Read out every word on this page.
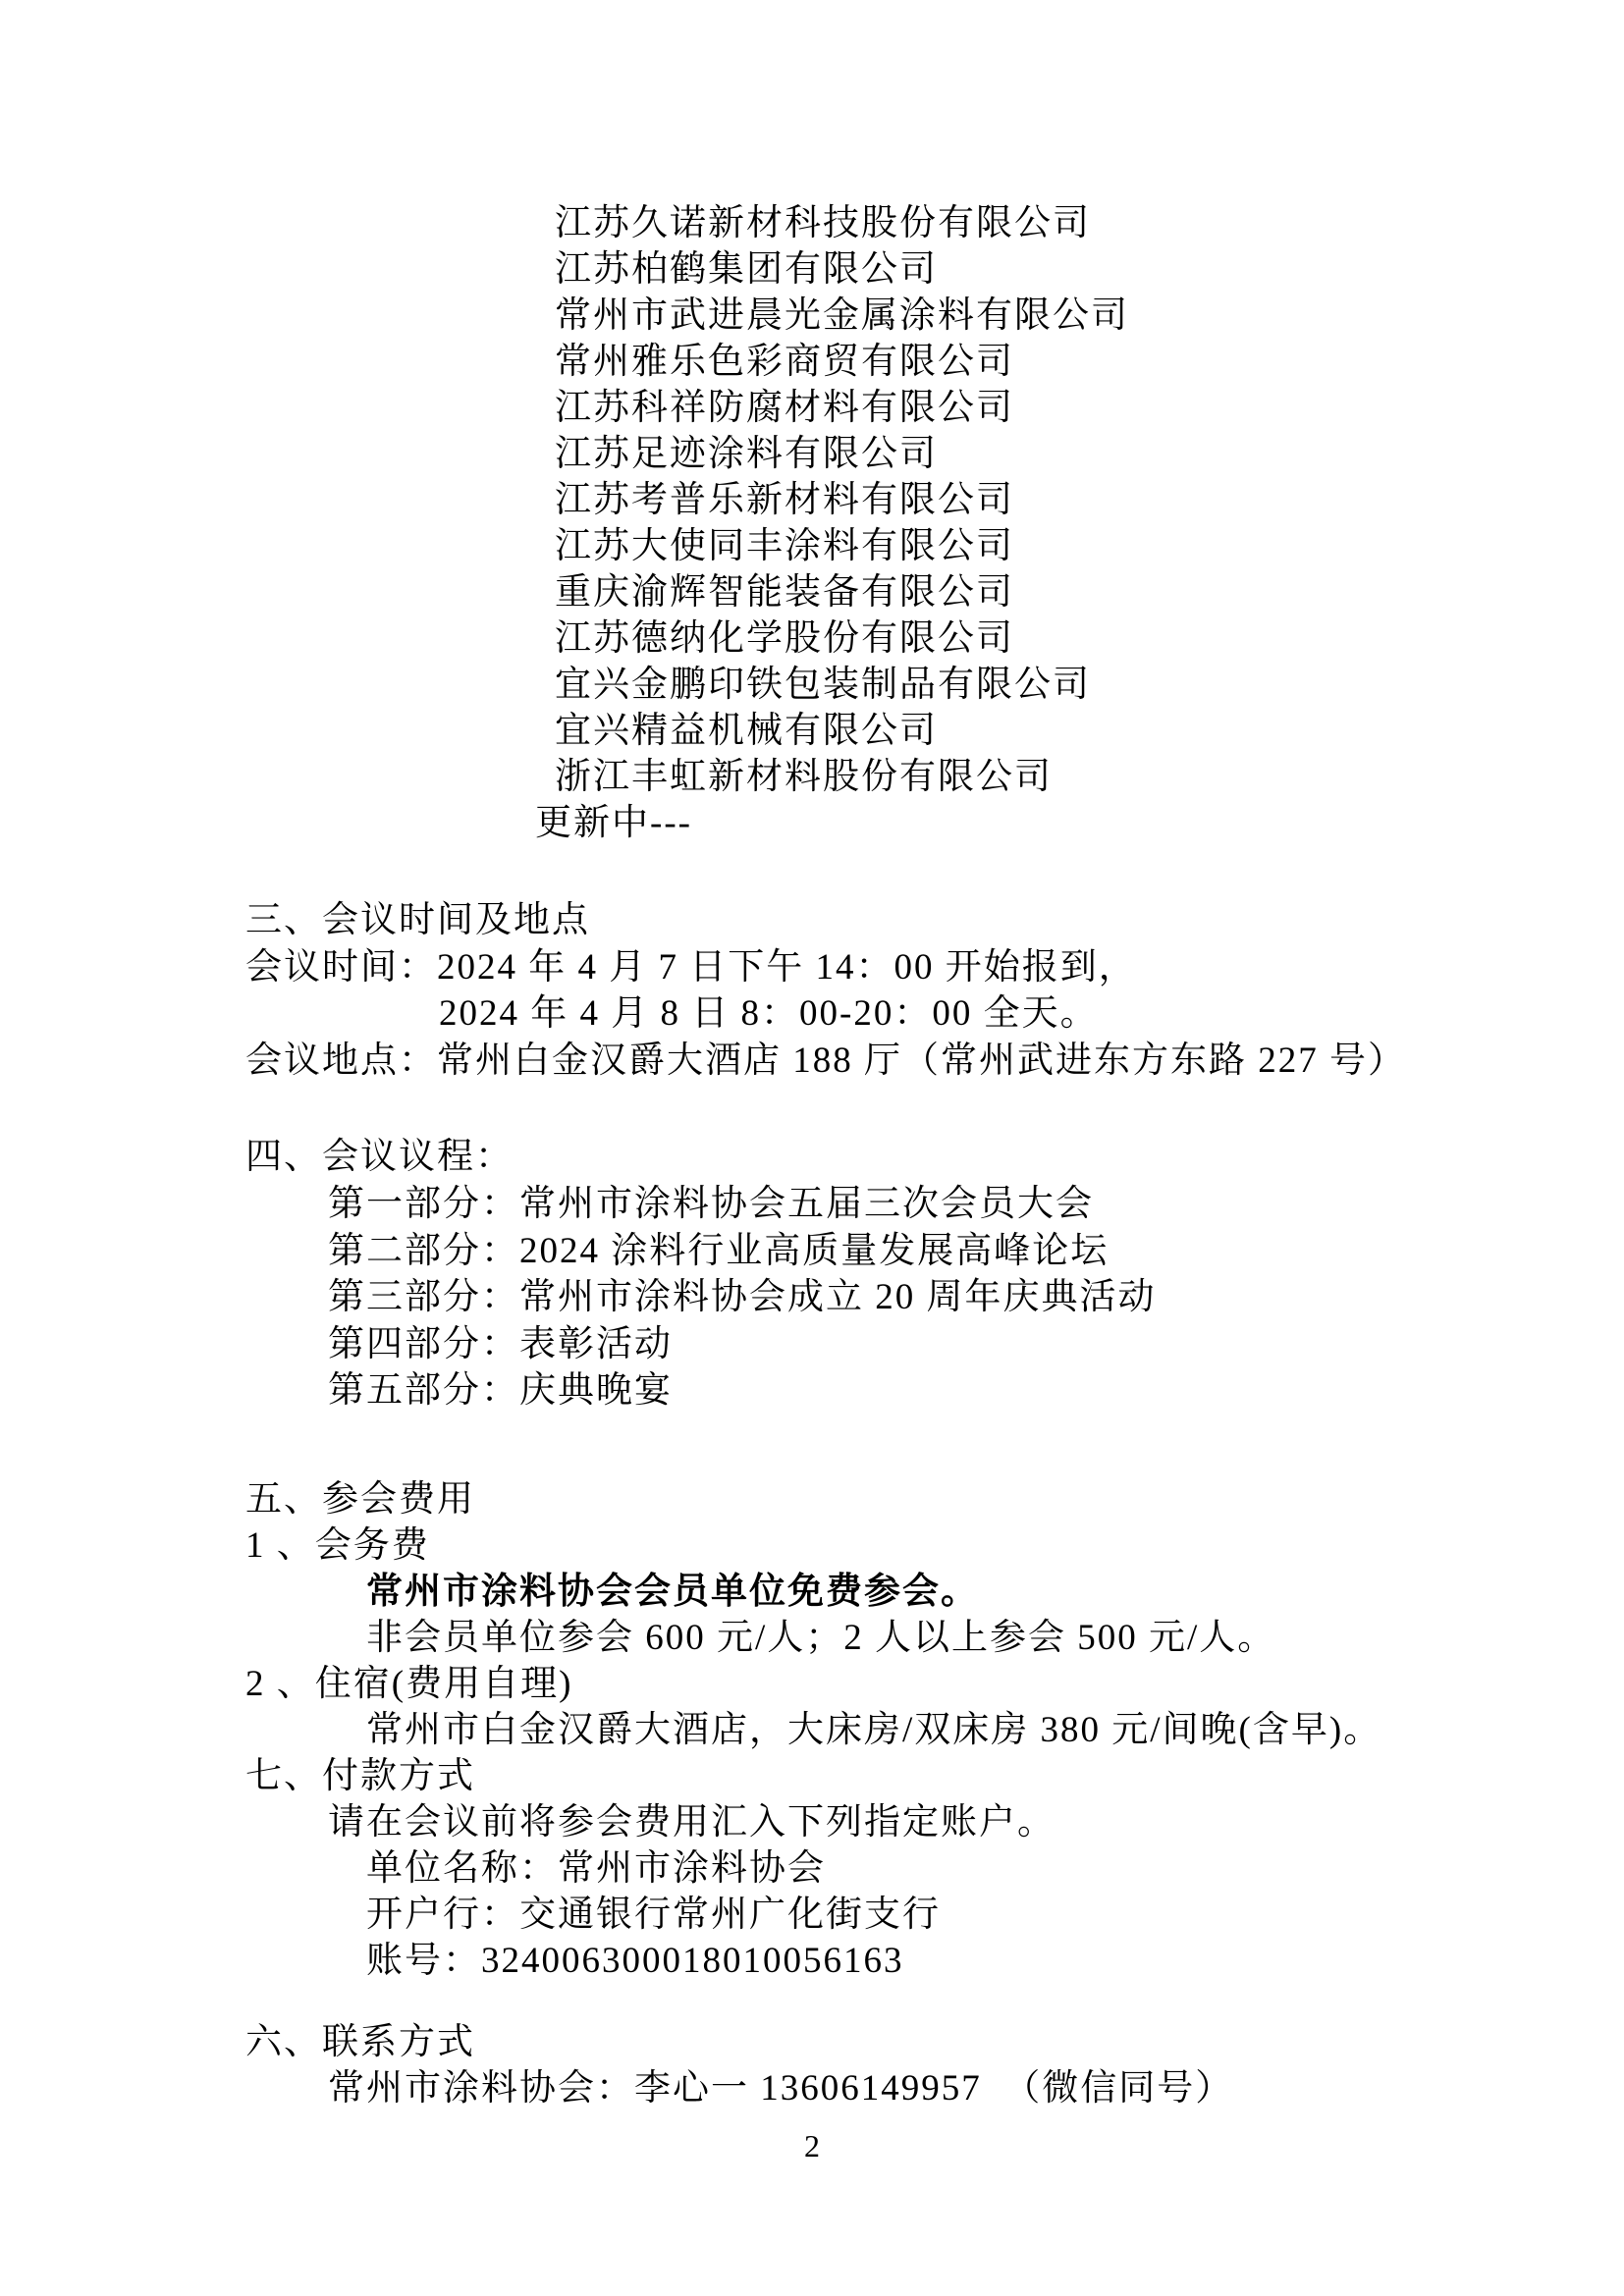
2
江苏久诺新材科技股份有限公司
江苏柏鹤集团有限公司
常州市武进晨光金属涂料有限公司
常州雅乐色彩商贸有限公司
江苏科祥防腐材料有限公司
江苏足迹涂料有限公司
江苏考普乐新材料有限公司
江苏大使同丰涂料有限公司
重庆渝辉智能装备有限公司
江苏德纳化学股份有限公司
宜兴金鹏印铁包装制品有限公司
宜兴精益机械有限公司
浙江丰虹新材料股份有限公司
更新中---
三、会议时间及地点
会议时间：2024 年 4 月 7 日下午 14：00 开始报到，
2024 年 4 月 8 日 8：00-20：00 全天。
会议地点：常州白金汉爵大酒店 188 厅（常州武进东方东路 227 号）
四、会议议程：
第一部分：常州市涂料协会五届三次会员大会
第二部分：2024 涂料行业高质量发展高峰论坛
第三部分：常州市涂料协会成立 20 周年庆典活动
第四部分：表彰活动
第五部分：庆典晚宴
五、参会费用
1 、会务费
常州市涂料协会会员单位免费参会。
非会员单位参会 600 元/人；2 人以上参会 500 元/人。
2 、住宿(费用自理)
常州市白金汉爵大酒店，大床房/双床房 380 元/间晚(含早)。
七、付款方式
请在会议前将参会费用汇入下列指定账户。
单位名称：常州市涂料协会
开户行：交通银行常州广化街支行
账号：324006300018010056163
六、联系方式
常州市涂料协会：李心一 13606149957  （微信同号）
